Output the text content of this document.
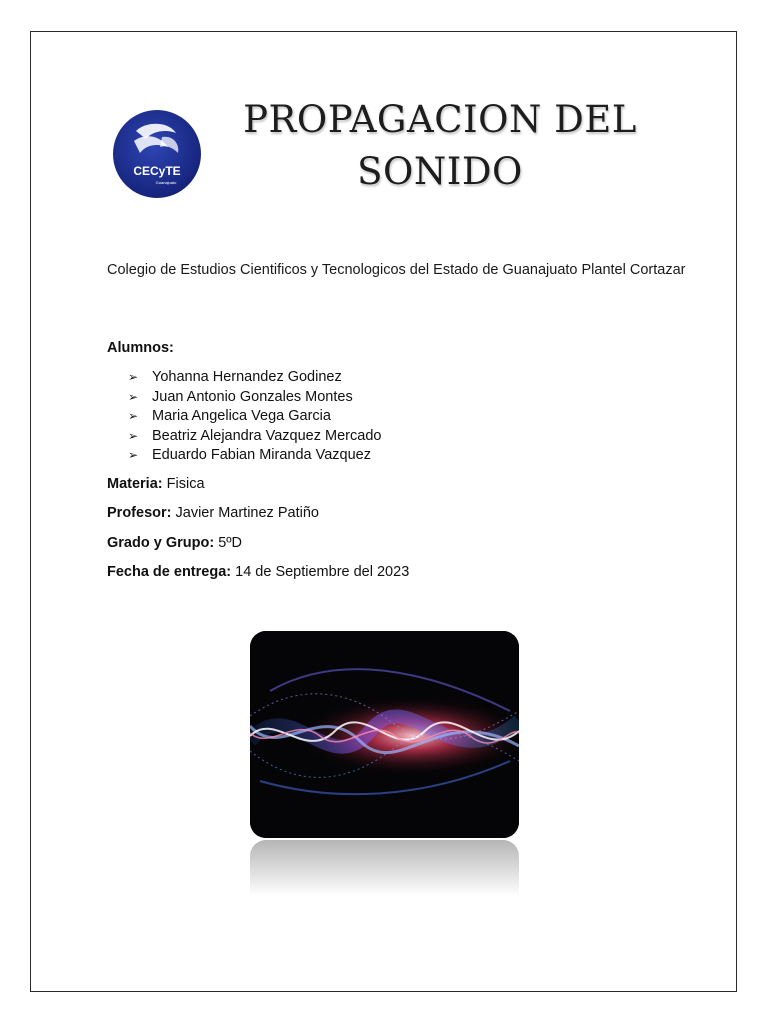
CECyTE
Guanajuato
PROPAGACION DEL
SONIDO
Colegio de Estudios Cientificos y Tecnologicos del Estado de Guanajuato Plantel Cortazar
Alumnos:
➢ Yohanna Hernandez Godinez
➢ Juan Antonio Gonzales Montes
➢ Maria Angelica Vega Garcia
➢ Beatriz Alejandra Vazquez Mercado
➢ Eduardo Fabian Miranda Vazquez
Materia: Fisica
Profesor: Javier Martinez Patiño
Grado y Grupo: 5ºD
Fecha de entrega: 14 de Septiembre del 2023
